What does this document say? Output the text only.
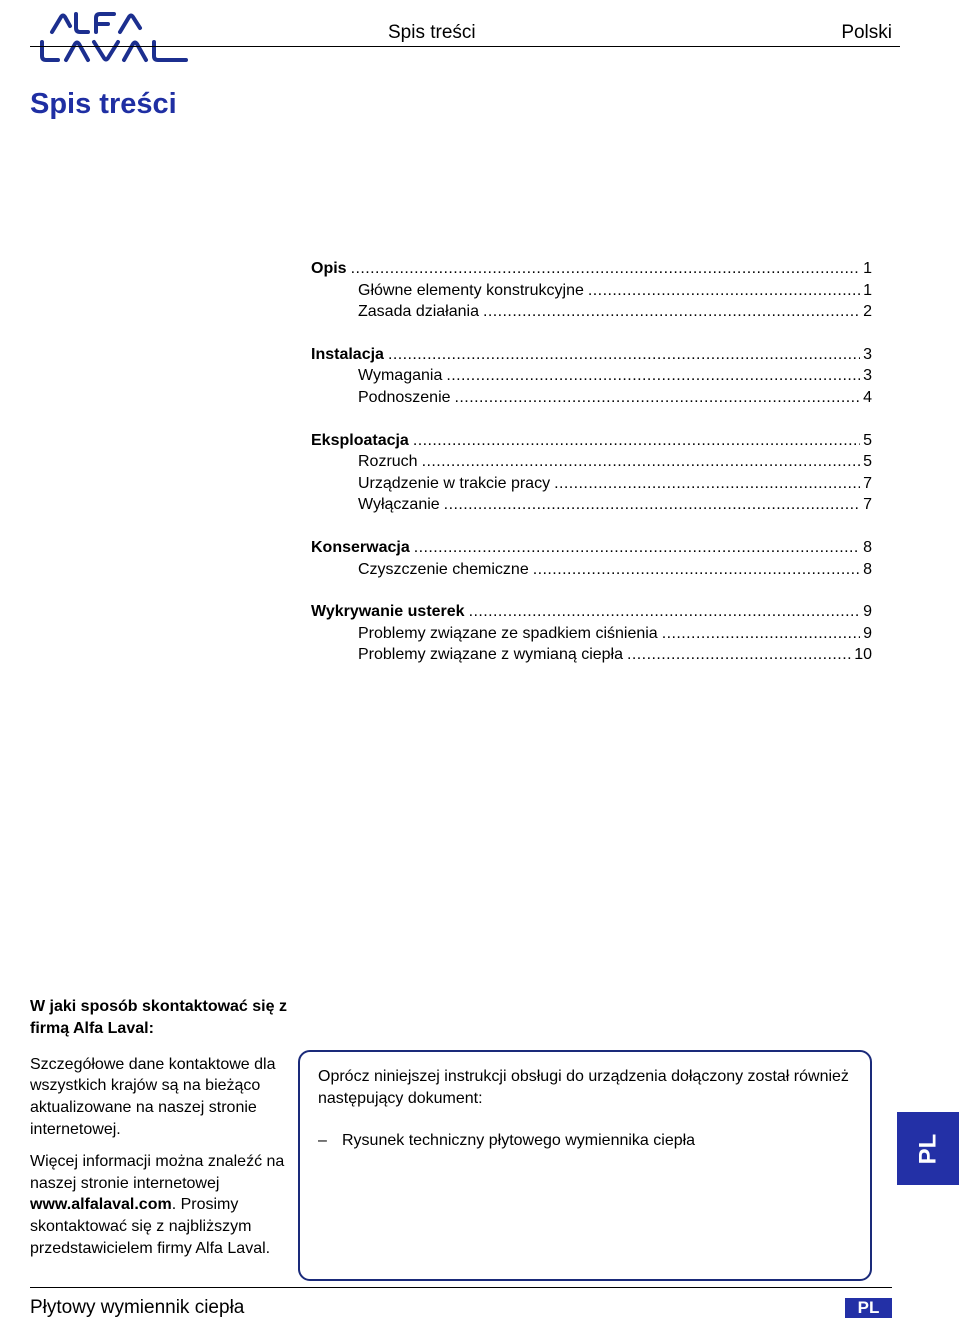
Spis treści	Polski
Spis treści
Opis . . .	1
Główne elementy konstrukcyjne . . .	1
Zasada działania . . .	2
Instalacja . . .	3
Wymagania . . .	3
Podnoszenie . . .	4
Eksploatacja . . .	5
Rozruch . . .	5
Urządzenie w trakcie pracy . . .	7
Wyłączanie . . .	7
Konserwacja . . .	8
Czyszczenie chemiczne . . .	8
Wykrywanie usterek . . .	9
Problemy związane ze spadkiem ciśnienia . . .	9
Problemy związane z wymianą ciepła . . .	10
W jaki sposób skontaktować się z firmą Alfa Laval:

Szczegółowe dane kontaktowe dla wszystkich krajów są na bieżąco aktualizowane na naszej stronie internetowej.

Więcej informacji można znaleźć na naszej stronie internetowej www.alfalaval.com. Prosimy skontaktować się z najbliższym przedstawicielem firmy Alfa Laval.

Oprócz niniejszej instrukcji obsługi do urządzenia dołączony został również następujący dokument:

– Rysunek techniczny płytowego wymiennika ciepła	PL
Płytowy wymiennik ciepła	PL
